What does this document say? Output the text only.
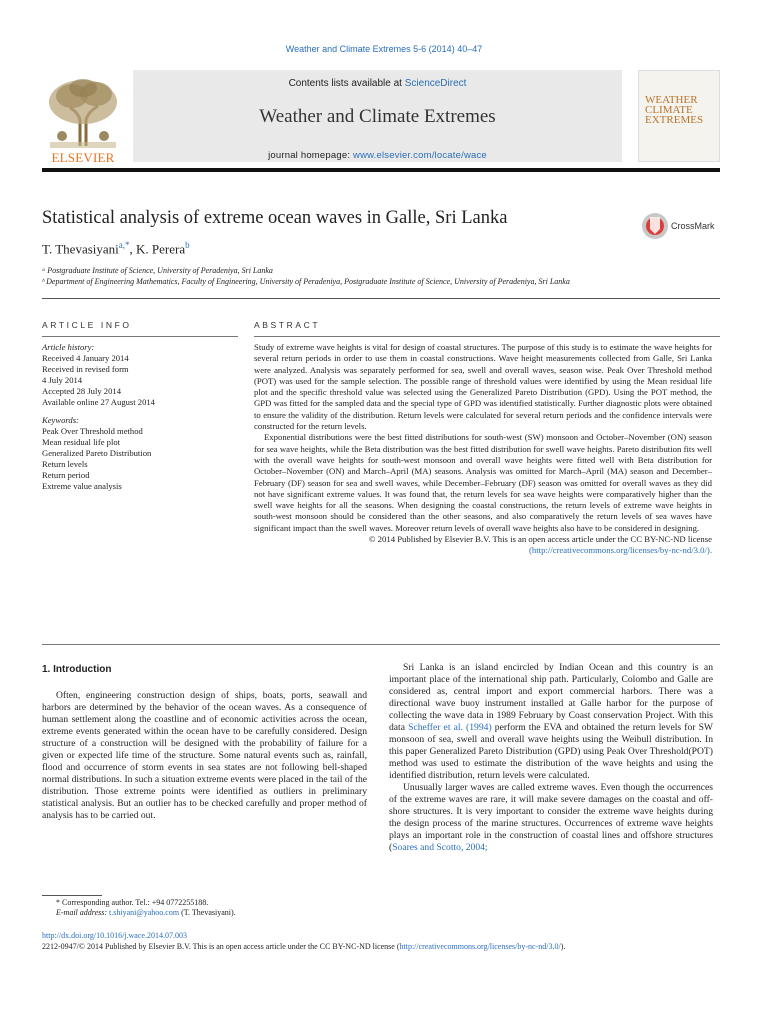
Weather and Climate Extremes 5-6 (2014) 40–47
ELSEVIER
Contents lists available at ScienceDirect
Weather and Climate Extremes
journal homepage: www.elsevier.com/locate/wace
WEATHER
CLIMATE
EXTREMES
Statistical analysis of extreme ocean waves in Galle, Sri Lanka	CrossMark
T. Thevasiyani$^{a,*}$, K. Perera$^b$
ᵃ Postgraduate Institute of Science, University of Peradeniya, Sri Lanka
ᵇ Department of Engineering Mathematics, Faculty of Engineering, University of Peradeniya, Postgraduate Institute of Science, University of Peradeniya, Sri Lanka
ARTICLE INFO	ABSTRACT
Article history:
Received 4 January 2014
Received in revised form
4 July 2014
Accepted 28 July 2014
Available online 27 August 2014
Keywords:
Peak Over Threshold method
Mean residual life plot
Generalized Pareto Distribution
Return levels
Return period
Extreme value analysis

Study of extreme wave heights is vital for design of coastal structures. The purpose of this study is to estimate the wave heights for several return periods in order to use them in coastal constructions. Wave height measurements collected from Galle, Sri Lanka were analyzed. Analysis was separately performed for sea, swell and overall waves, season wise. Peak Over Threshold method (POT) was used for the sample selection. The possible range of threshold values were identified by using the Mean residual life plot and the specific threshold value was selected using the Generalized Pareto Distribution (GPD). Using the POT method, the GPD was fitted for the sampled data and the special type of GPD was identified statistically. Further diagnostic plots were obtained to ensure the validity of the distribution. Return levels were calculated for several return periods and the confidence intervals were constructed for the return levels.

Exponential distributions were the best fitted distributions for south-west (SW) monsoon and October–November (ON) season for sea wave heights, while the Beta distribution was the best fitted distribution for swell wave heights. Pareto distribution fits well with the overall wave heights for south-west monsoon and overall wave heights were fitted well with Beta distribution for October–November (ON) and March–April (MA) seasons. Analysis was omitted for March–April (MA) season and December–February (DF) season for sea and swell waves, while December–February (DF) season was omitted for overall waves as they did not have significant extreme values. It was found that, the return levels for sea wave heights were comparatively higher than the swell wave heights for all the seasons. When designing the coastal constructions, the return levels of extreme wave heights in south-west monsoon should be considered than the other seasons, and also comparatively the return levels of sea waves have significant impact than the swell waves. Moreover return levels of overall wave heights also have to be considered in designing.

© 2014 Published by Elsevier B.V. This is an open access article under the CC BY-NC-ND license
(http://creativecommons.org/licenses/by-nc-nd/3.0/).

1. Introduction

Often, engineering construction design of ships, boats, ports, seawall and harbors are determined by the behavior of the ocean waves. As a consequence of human settlement along the coastline and of economic activities across the ocean, extreme events generated within the ocean have to be carefully considered. Design structure of a construction will be designed with the probability of failure for a given or expected life time of the structure. Some natural events such as, rainfall, flood and occurrence of storm events in sea states are not following bell-shaped normal distributions. In such a situation extreme events were placed in the tail of the distribution. Those extreme points were identified as outliers in preliminary statistical analysis. But an outlier has to be checked carefully and proper method of analysis has to be carried out.

Sri Lanka is an island encircled by Indian Ocean and this country is an important place of the international ship path. Particularly, Colombo and Galle are considered as, central import and export commercial harbors. There was a directional wave buoy instrument installed at Galle harbor for the purpose of collecting the wave data in 1989 February by Coast conservation Project. With this data Scheffer et al. (1994) perform the EVA and obtained the return levels for SW monsoon of sea, swell and overall wave heights using the Weibull distribution. In this paper Generalized Pareto Distribution (GPD) using Peak Over Threshold(POT) method was used to estimate the distribution of the wave heights and using the identified distribution, return levels were calculated.

Unusually larger waves are called extreme waves. Even though the occurrences of the extreme waves are rare, it will make severe damages on the coastal and off-shore structures. It is very important to consider the extreme wave heights during the design process of the marine structures. Occurrences of extreme wave heights plays an important role in the construction of coastal lines and offshore structures (Soares and Scotto, 2004;

* Corresponding author. Tel.: +94 0772255188.
E-mail address: t.shiyani@yahoo.com (T. Thevasiyani).
http://dx.doi.org/10.1016/j.wace.2014.07.003
2212-0947/© 2014 Published by Elsevier B.V. This is an open access article under the CC BY-NC-ND license (http://creativecommons.org/licenses/by-nc-nd/3.0/).
